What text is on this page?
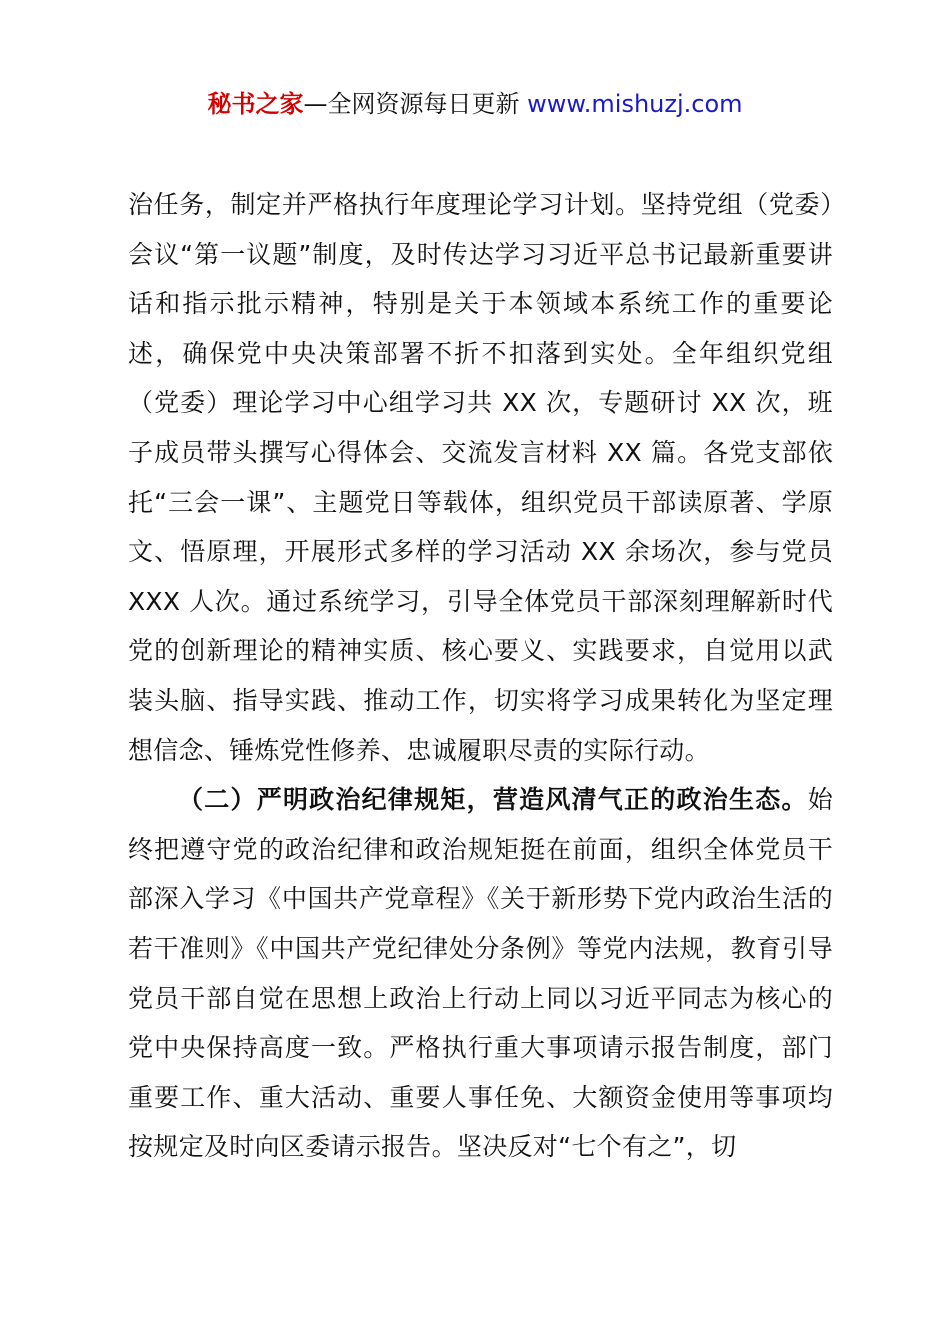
秘书之家—全网资源每日更新 www.mishuzj.com

治任务，制定并严格执行年度理论学习计划。坚持党组（党委）会议“第一议题”制度，及时传达学习习近平总书记最新重要讲话和指示批示精神，特别是关于本领域本系统工作的重要论述，确保党中央决策部署不折不扣落到实处。全年组织党组（党委）理论学习中心组学习共 XX 次，专题研讨 XX 次，班子成员带头撰写心得体会、交流发言材料 XX 篇。各党支部依托“三会一课”、主题党日等载体，组织党员干部读原著、学原文、悟原理，开展形式多样的学习活动 XX 余场次，参与党员 XXX 人次。通过系统学习，引导全体党员干部深刻理解新时代党的创新理论的精神实质、核心要义、实践要求，自觉用以武装头脑、指导实践、推动工作，切实将学习成果转化为坚定理想信念、锤炼党性修养、忠诚履职尽责的实际行动。

（二）严明政治纪律规矩，营造风清气正的政治生态。始终把遵守党的政治纪律和政治规矩挺在前面，组织全体党员干部深入学习《中国共产党章程》《关于新形势下党内政治生活的若干准则》《中国共产党纪律处分条例》等党内法规，教育引导党员干部自觉在思想上政治上行动上同以习近平同志为核心的党中央保持高度一致。严格执行重大事项请示报告制度，部门重要工作、重大活动、重要人事任免、大额资金使用等事项均按规定及时向区委请示报告。坚决反对“七个有之”，切
